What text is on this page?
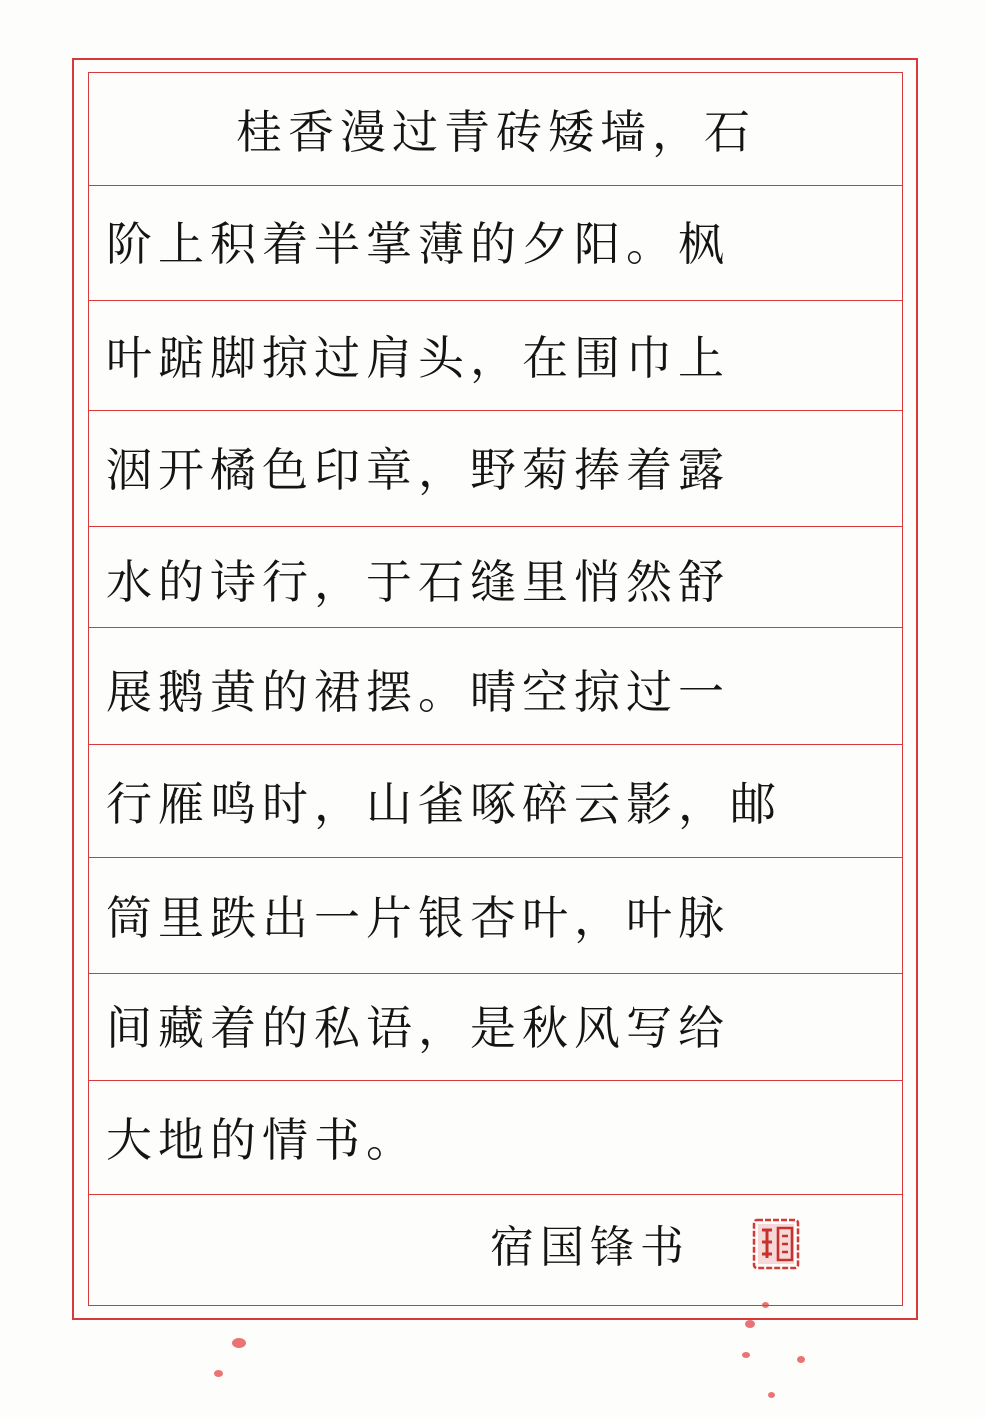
桂香漫过青砖矮墙，石
阶上积着半掌薄的夕阳。枫
叶踮脚掠过肩头，在围巾上
洇开橘色印章，野菊捧着露
水的诗行，于石缝里悄然舒
展鹅黄的裙摆。晴空掠过一
行雁鸣时，山雀啄碎云影，邮
筒里跌出一片银杏叶，叶脉
间藏着的私语，是秋风写给
大地的情书。
宿国锋书
